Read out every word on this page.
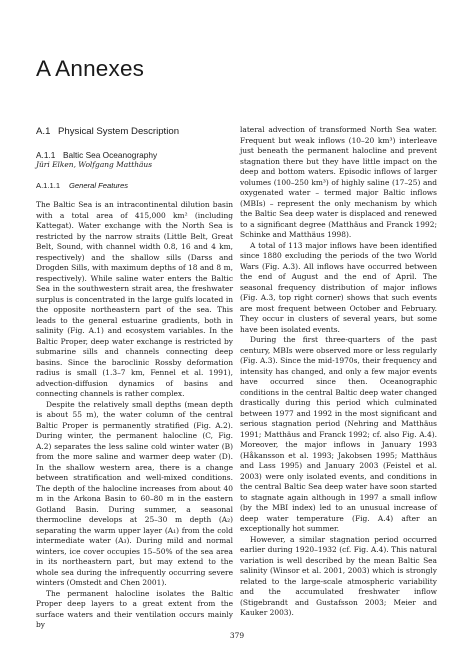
A Annexes
A.1 Physical System Description
A.1.1 Baltic Sea Oceanography

Jüri Elken, Wolfgang Matthäus

A.1.1.1 General Features

The Baltic Sea is an intracontinental dilution basin with a total area of 415,000 km² (including Kattegat). Water exchange with the North Sea is restricted by the narrow straits (Little Belt, Great Belt, Sound, with channel width 0.8, 16 and 4 km, respectively) and the shallow sills (Darss and Drogden Sills, with maximum depths of 18 and 8 m, respectively). While saline water enters the Baltic Sea in the southwestern strait area, the freshwater surplus is concentrated in the large gulfs located in the opposite northeastern part of the sea. This leads to the general estuarine gradients, both in salinity (Fig. A.1) and ecosystem variables. In the Baltic Proper, deep water exchange is restricted by submarine sills and channels connecting deep basins. Since the baroclinic Rossby deformation radius is small (1.3–7 km, Fennel et al. 1991), advection-diffusion dynamics of basins and connecting channels is rather complex.

Despite the relatively small depths (mean depth is about 55 m), the water column of the central Baltic Proper is permanently stratified (Fig. A.2). During winter, the permanent halocline (C, Fig. A.2) separates the less saline cold winter water (B) from the more saline and warmer deep water (D). In the shallow western area, there is a change between stratification and well-mixed conditions. The depth of the halocline increases from about 40 m in the Arkona Basin to 60–80 m in the eastern Gotland Basin. During summer, a seasonal thermocline develops at 25–30 m depth (A₂) separating the warm upper layer (A₁) from the cold intermediate water (A₃). During mild and normal winters, ice cover occupies 15–50% of the sea area in its northeastern part, but may extend to the whole sea during the infrequently occurring severe winters (Omstedt and Chen 2001).

The permanent halocline isolates the Baltic Proper deep layers to a great extent from the surface waters and their ventilation occurs mainly by

lateral advection of transformed North Sea water. Frequent but weak inflows (10–20 km³) interleave just beneath the permanent halocline and prevent stagnation there but they have little impact on the deep and bottom waters. Episodic inflows of larger volumes (100–250 km³) of highly saline (17–25) and oxygenated water – termed major Baltic inflows (MBIs) – represent the only mechanism by which the Baltic Sea deep water is displaced and renewed to a significant degree (Matthäus and Franck 1992; Schinke and Matthäus 1998).

A total of 113 major inflows have been identified since 1880 excluding the periods of the two World Wars (Fig. A.3). All inflows have occurred between the end of August and the end of April. The seasonal frequency distribution of major inflows (Fig. A.3, top right corner) shows that such events are most frequent between October and February. They occur in clusters of several years, but some have been isolated events.

During the first three-quarters of the past century, MBIs were observed more or less regularly (Fig. A.3). Since the mid-1970s, their frequency and intensity has changed, and only a few major events have occurred since then. Oceanographic conditions in the central Baltic deep water changed drastically during this period which culminated between 1977 and 1992 in the most significant and serious stagnation period (Nehring and Matthäus 1991; Matthäus and Franck 1992; cf. also Fig. A.4). Moreover, the major inflows in January 1993 (Håkansson et al. 1993; Jakobsen 1995; Matthäus and Lass 1995) and January 2003 (Feistel et al. 2003) were only isolated events, and conditions in the central Baltic Sea deep water have soon started to stagnate again although in 1997 a small inflow (by the MBI index) led to an unusual increase of deep water temperature (Fig. A.4) after an exceptionally hot summer.

However, a similar stagnation period occurred earlier during 1920–1932 (cf. Fig. A.4). This natural variation is well described by the mean Baltic Sea salinity (Winsor et al. 2001, 2003) which is strongly related to the large-scale atmospheric variability and the accumulated freshwater inflow (Stigebrandt and Gustafsson 2003; Meier and Kauker 2003).

379
